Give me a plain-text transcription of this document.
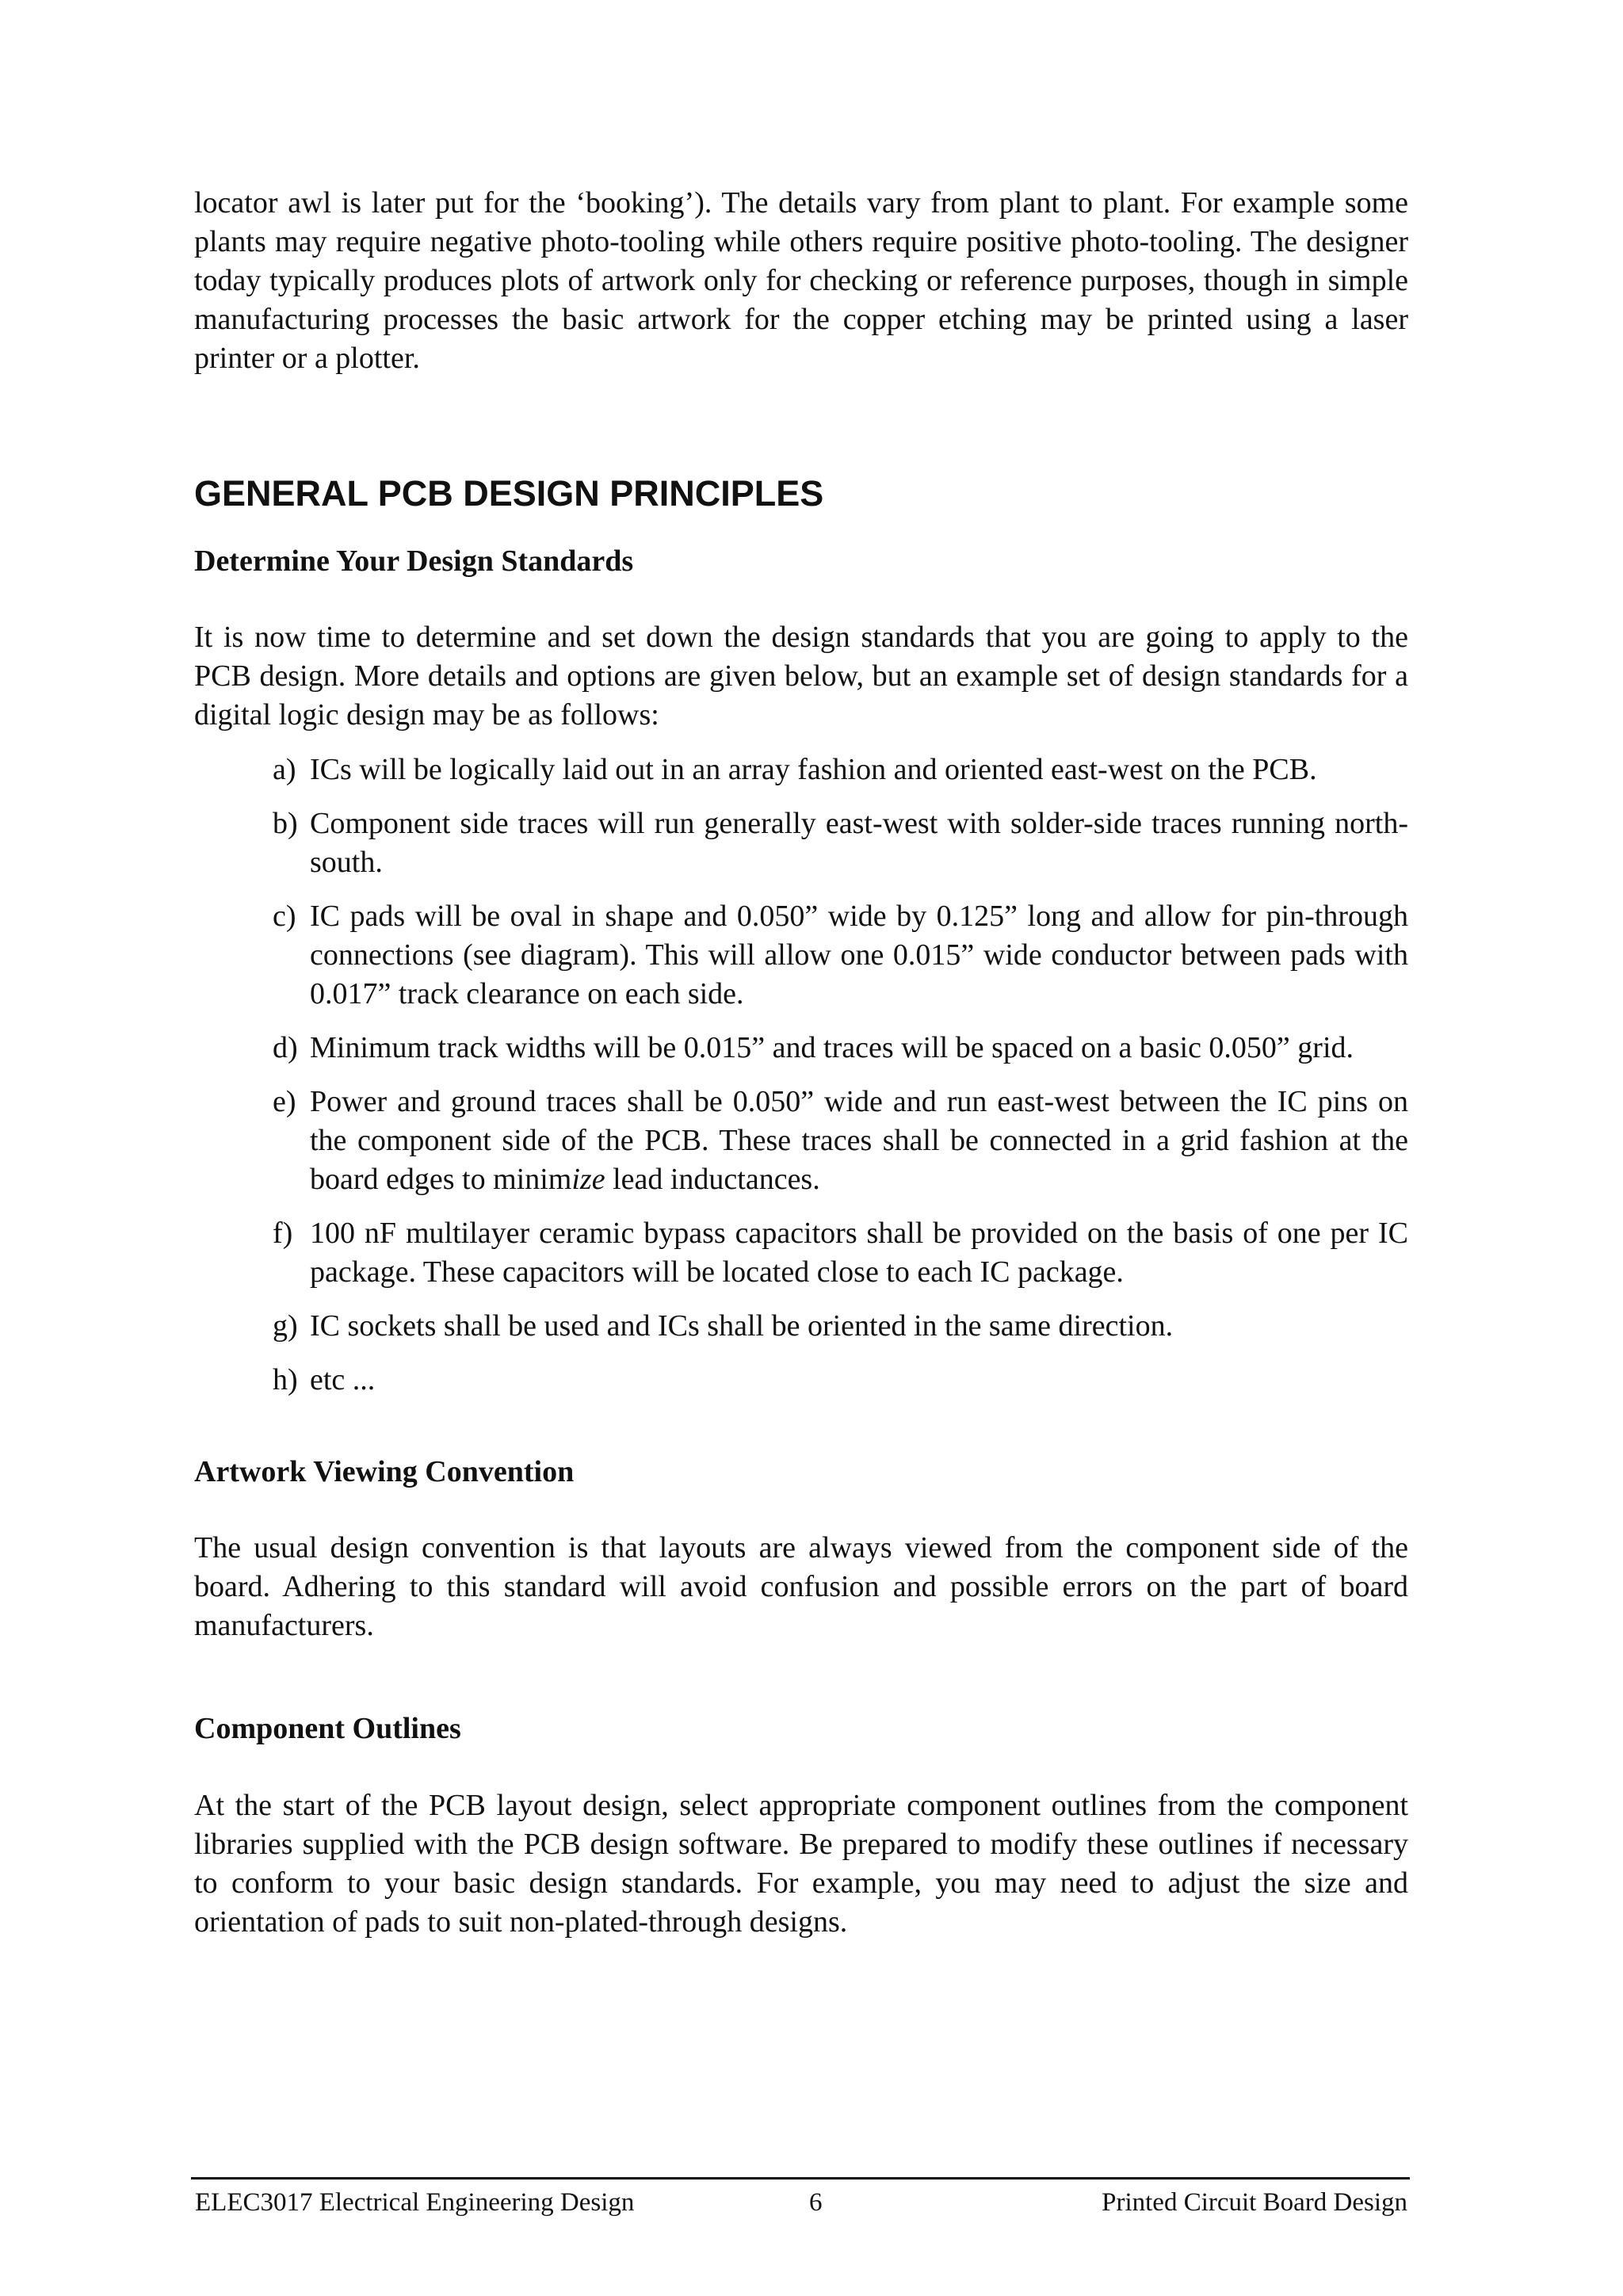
locator awl is later put for the ‘booking’). The details vary from plant to plant. For example some plants may require negative photo-tooling while others require positive photo-tooling. The designer today typically produces plots of artwork only for checking or reference purposes, though in simple manufacturing processes the basic artwork for the copper etching may be printed using a laser printer or a plotter.

GENERAL PCB DESIGN PRINCIPLES
Determine Your Design Standards

It is now time to determine and set down the design standards that you are going to apply to the PCB design. More details and options are given below, but an example set of design standards for a digital logic design may be as follows:

a) ICs will be logically laid out in an array fashion and oriented east-west on the PCB.
b) Component side traces will run generally east-west with solder-side traces running north-south.
c) IC pads will be oval in shape and 0.050” wide by 0.125” long and allow for pin-through connections (see diagram). This will allow one 0.015” wide conductor between pads with 0.017” track clearance on each side.
d) Minimum track widths will be 0.015” and traces will be spaced on a basic 0.050” grid.
e) Power and ground traces shall be 0.050” wide and run east-west between the IC pins on the component side of the PCB. These traces shall be connected in a grid fashion at the board edges to minimize lead inductances.
f) 100 nF multilayer ceramic bypass capacitors shall be provided on the basis of one per IC package. These capacitors will be located close to each IC package.
g) IC sockets shall be used and ICs shall be oriented in the same direction.
h) etc ...
Artwork Viewing Convention

The usual design convention is that layouts are always viewed from the component side of the board. Adhering to this standard will avoid confusion and possible errors on the part of board manufacturers.

Component Outlines

At the start of the PCB layout design, select appropriate component outlines from the component libraries supplied with the PCB design software. Be prepared to modify these outlines if necessary to conform to your basic design standards. For example, you may need to adjust the size and orientation of pads to suit non-plated-through designs.

ELEC3017 Electrical Engineering Design	6	Printed Circuit Board Design
